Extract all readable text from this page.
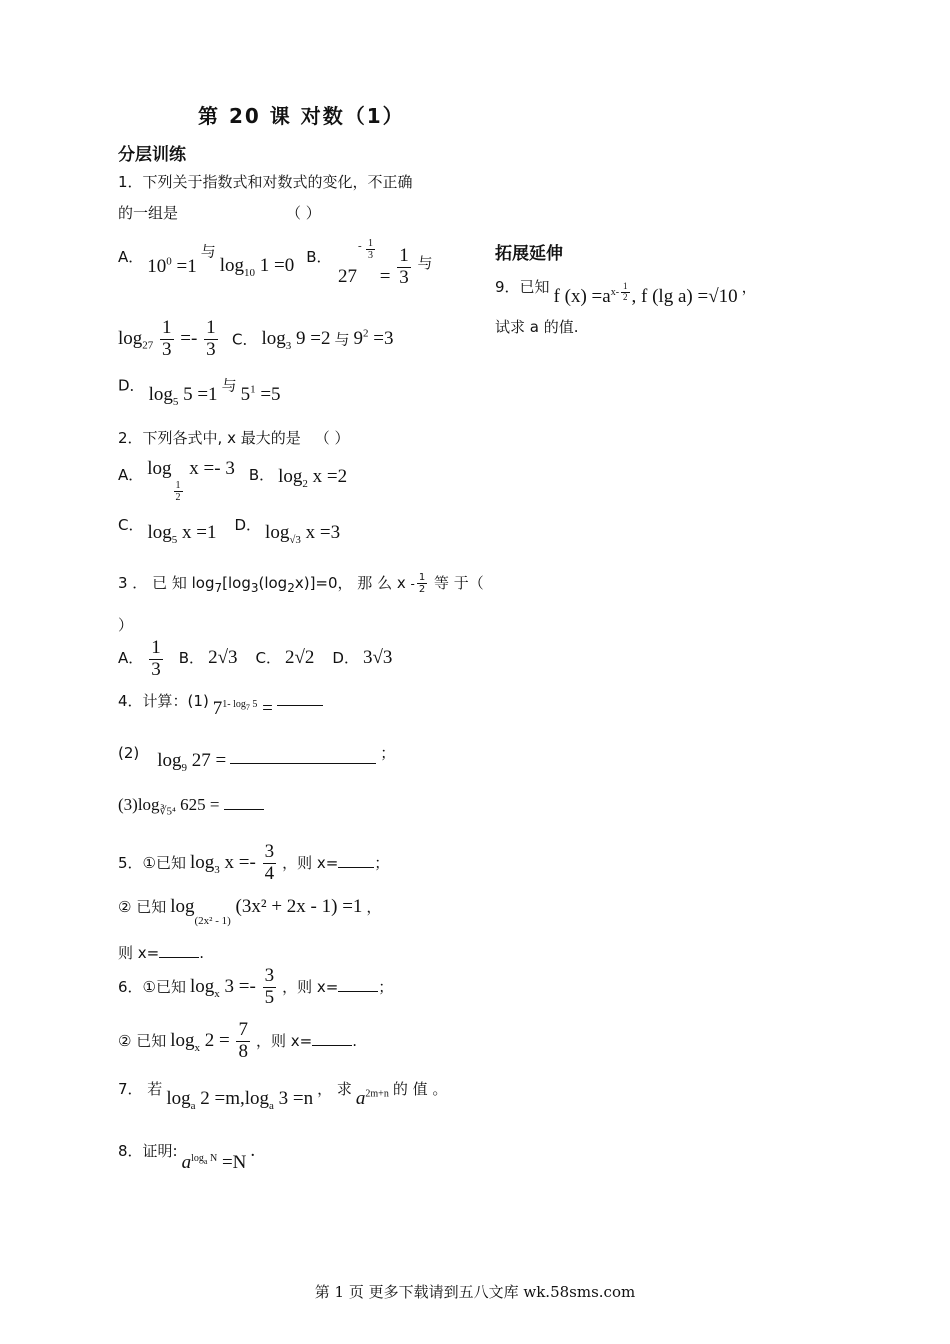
第 20 课 对数（1）
分层训练
1．下列关于指数式和对数式的变化，不正确
的一组是	（ ）
A． $10^0 =1$ 与 $\log_{10} 1 =0$ B．
27
- $\frac{1}{3}$
= $\frac{1}{3} ^与$
$\log_{27} \frac{1}{3} =- \frac{1}{3}$ C． $\log_3 9 =2$ 与 $9^2 =3$
D． $\log_5 5 =1$ 与 $5^1 =5$
2．下列各式中, x 最大的是 （ ）
A． log
$\frac{1}{2}$
x =- 3 B． $\log_2 x =2$
C． $\log_5 x =1$ D． $\log_{√3} x =3$
3 ． 已 知 $\log_7[\log_3(\log_2x)]=0$， 那 么 x - $\frac{1}{2}$ 等 于（
）
A． $\frac{1}{3}$ B． 2√3 C． 2√2 D． 3√3
4．计算：(1) $7^{1- log_7 5}$ =
(2) $\log_9 27$ =	；
$(3)\log_{∛5^4}$ 625 =
5．①已知 $\log_3 x =- \frac{3}{4}$ ，则 x= ；
② 已知 $\log_{(2x^2 - 1)} (3x^2 + 2x - 1) =1$ ，
则 x=	.
6．①已知 $\log_x 3 =- \frac{3}{5}$ ，则 x=	；
② 已知 $\log_x 2 = \frac{7}{8}$ ，则 x=	.
7． 若 $\log_a 2 =m,\log_a$ 3 =n ， 求 $a^{2m+n}$ 的 值 。
8．证明: $a^{log_a N} =N$ .
拓展延伸
9．已知 f $(x) =a^{x- \frac{1}{2}}$ , f (lg a) =√10 ，
试求 a 的值.
第 1 页 更多下载请到五八文库 wk.58sms.com
